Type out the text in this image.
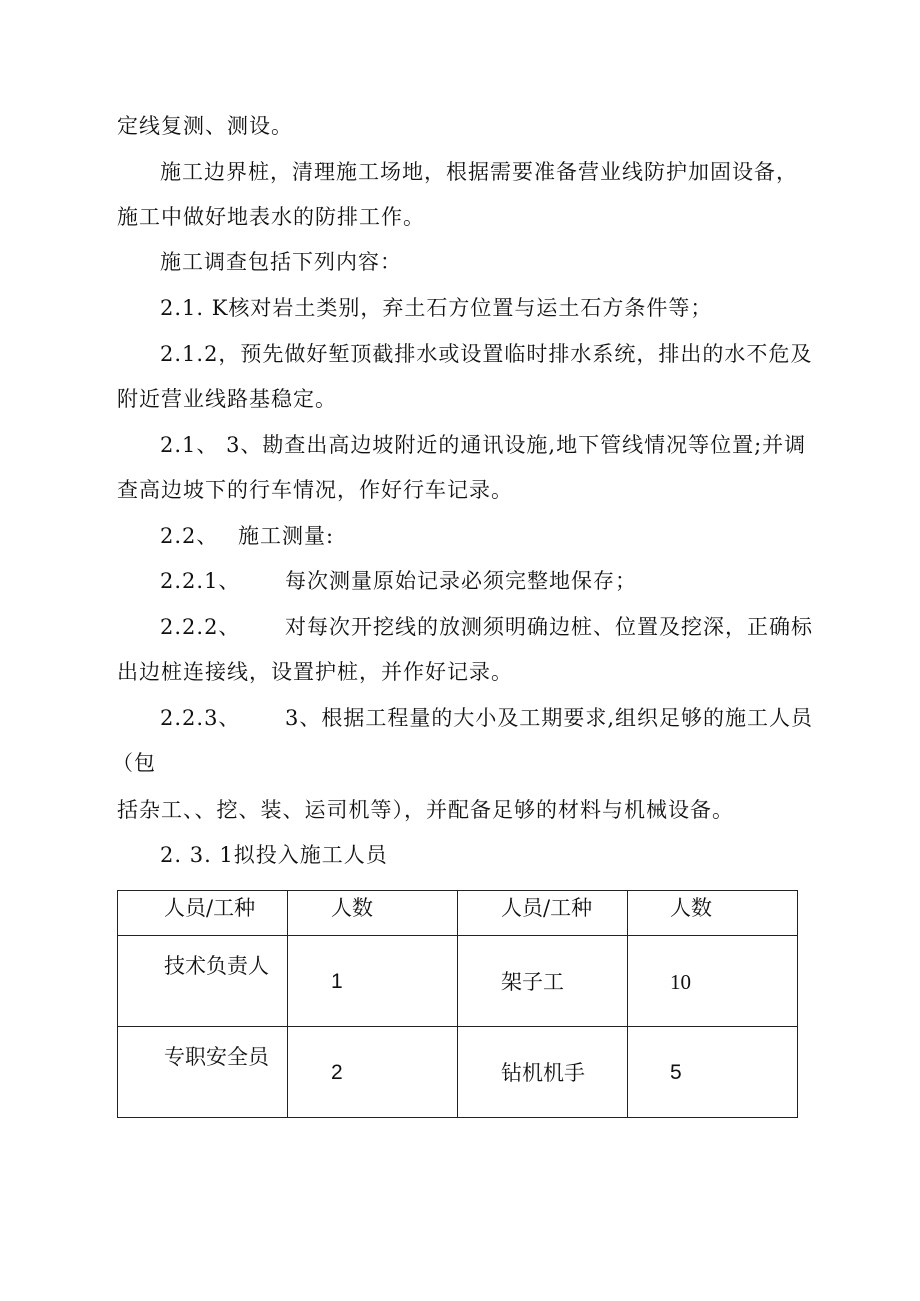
定线复测、测设。
施工边界桩，清理施工场地，根据需要准备营业线防护加固设备，
施工中做好地表水的防排工作。
施工调查包括下列内容：
2.1. K核对岩土类别，弃土石方位置与运土石方条件等；
2.1.2，预先做好堑顶截排水或设置临时排水系统，排出的水不危及
附近营业线路基稳定。
2.1、 3、勘查出高边坡附近的通讯设施,地下管线情况等位置;并调
查高边坡下的行车情况，作好行车记录。
2.2、 施工测量:
2.2.1、 每次测量原始记录必须完整地保存；
2.2.2、 对每次开挖线的放测须明确边桩、位置及挖深，正确标
出边桩连接线，设置护桩，并作好记录。
2.2.3、 3、根据工程量的大小及工期要求,组织足够的施工人员
（包
括杂工、、挖、装、运司机等），并配备足够的材料与机械设备。
2. 3. 1拟投入施工人员
人员/工种	人数	人员/工种	人数

技术负责人	1	架子工	10

专职安全员	2	钻机机手	5
